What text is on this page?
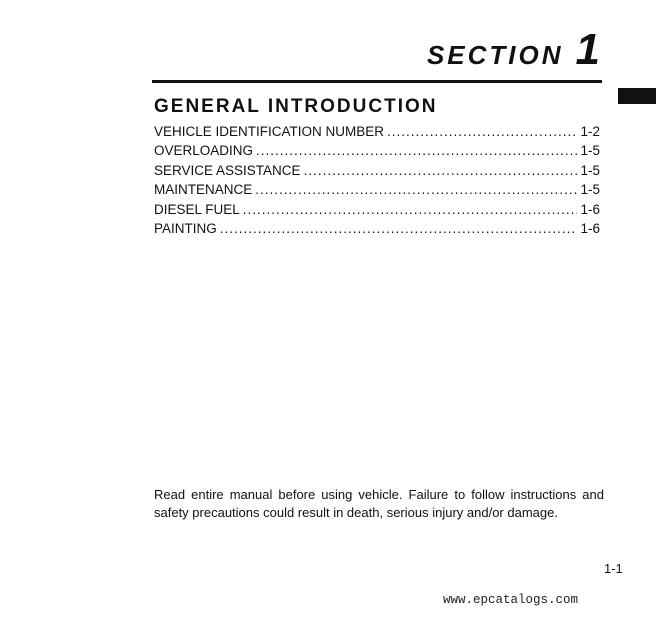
SECTION 1
GENERAL INTRODUCTION
VEHICLE IDENTIFICATION NUMBER .....	1-2
OVERLOADING .....	1-5
SERVICE ASSISTANCE .....	1-5
MAINTENANCE .....	1-5
DIESEL FUEL .....	1-6
PAINTING .....	1-6

Read entire manual before using vehicle. Failure to follow instructions and safety precautions could result in death, serious injury and/or damage.

1-1
www.epcatalogs.com
